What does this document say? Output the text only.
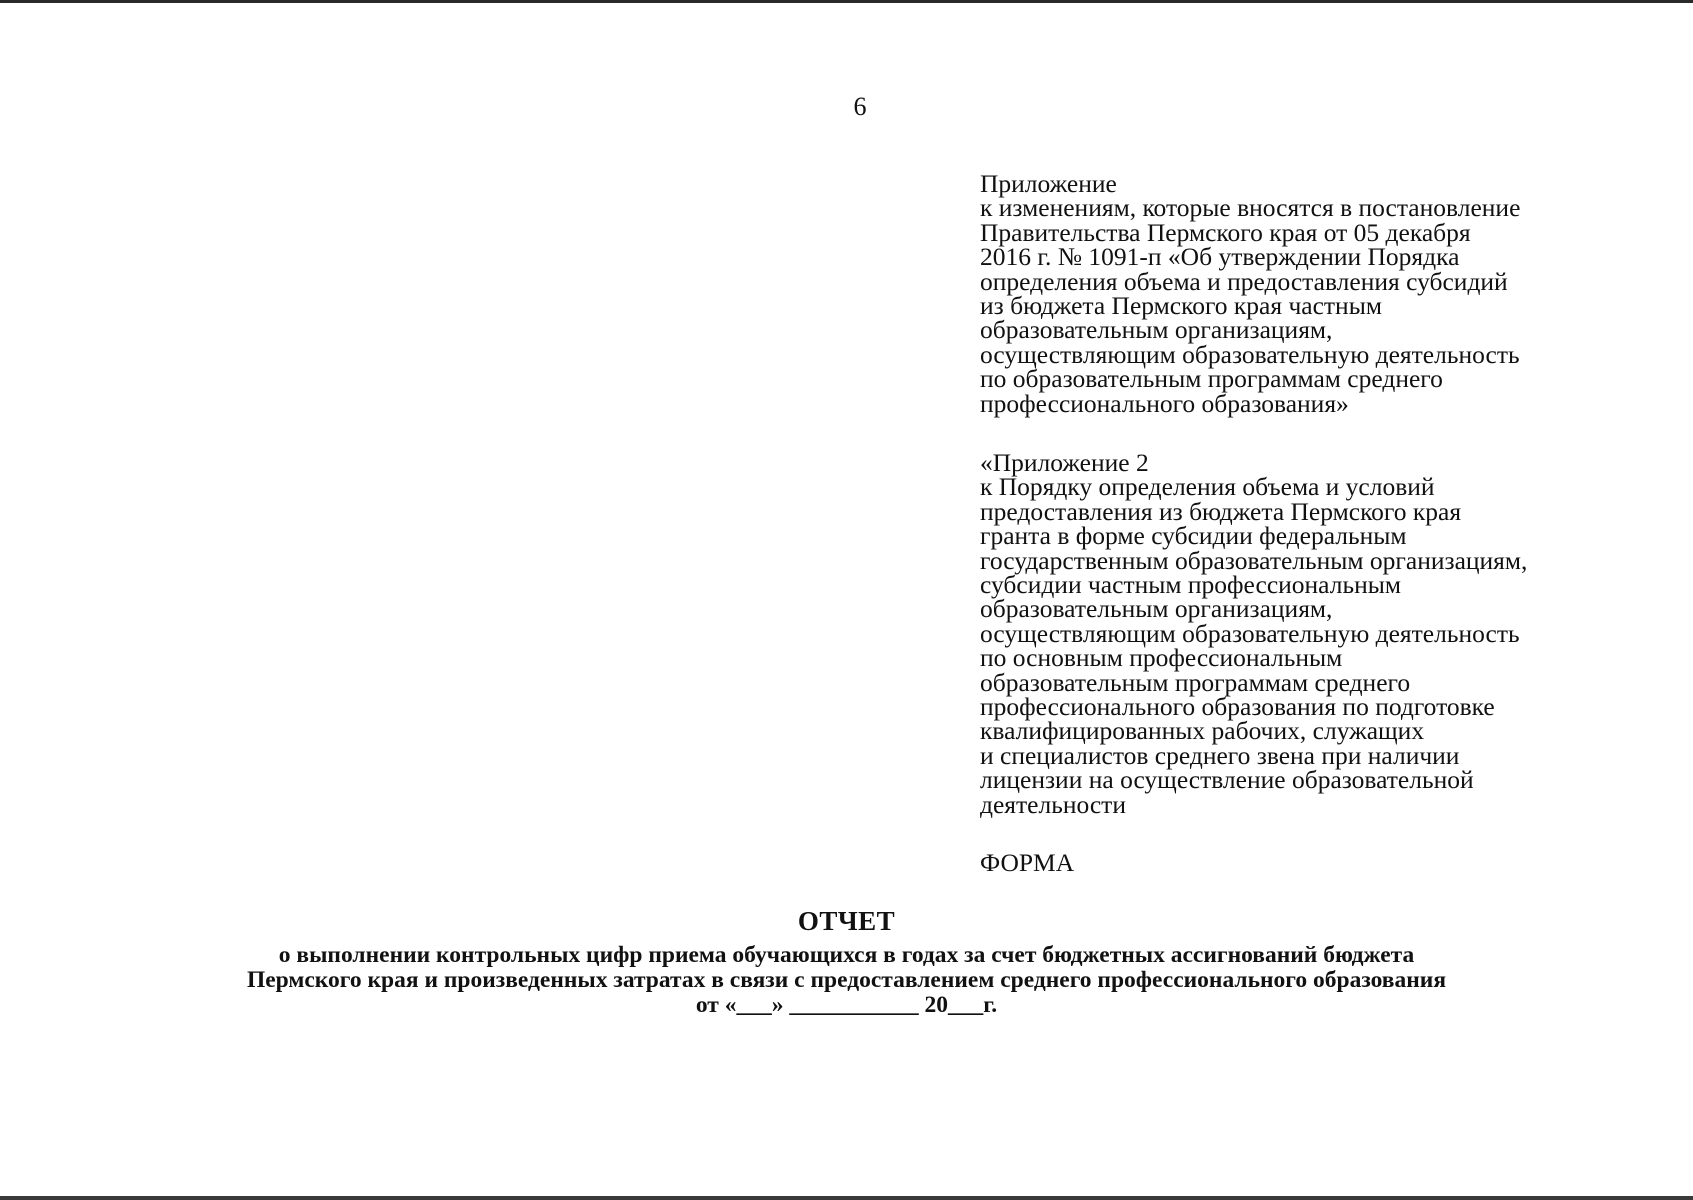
6
Приложение
к изменениям, которые вносятся в постановление
Правительства Пермского края от 05 декабря
2016 г. № 1091-п «Об утверждении Порядка
определения объема и предоставления субсидий
из бюджета Пермского края частным
образовательным организациям,
осуществляющим образовательную деятельность
по образовательным программам среднего
профессионального образования»
«Приложение 2
к Порядку определения объема и условий
предоставления из бюджета Пермского края
гранта в форме субсидии федеральным
государственным образовательным организациям,
субсидии частным профессиональным
образовательным организациям,
осуществляющим образовательную деятельность
по основным профессиональным
образовательным программам среднего
профессионального образования по подготовке
квалифицированных рабочих, служащих
и специалистов среднего звена при наличии
лицензии на осуществление образовательной
деятельности
ФОРМА
ОТЧЕТ
о выполнении контрольных цифр приема обучающихся в годах за счет бюджетных ассигнований бюджета
Пермского края и произведенных затратах в связи с предоставлением среднего профессионального образования
от «___» ___________ 20___г.
